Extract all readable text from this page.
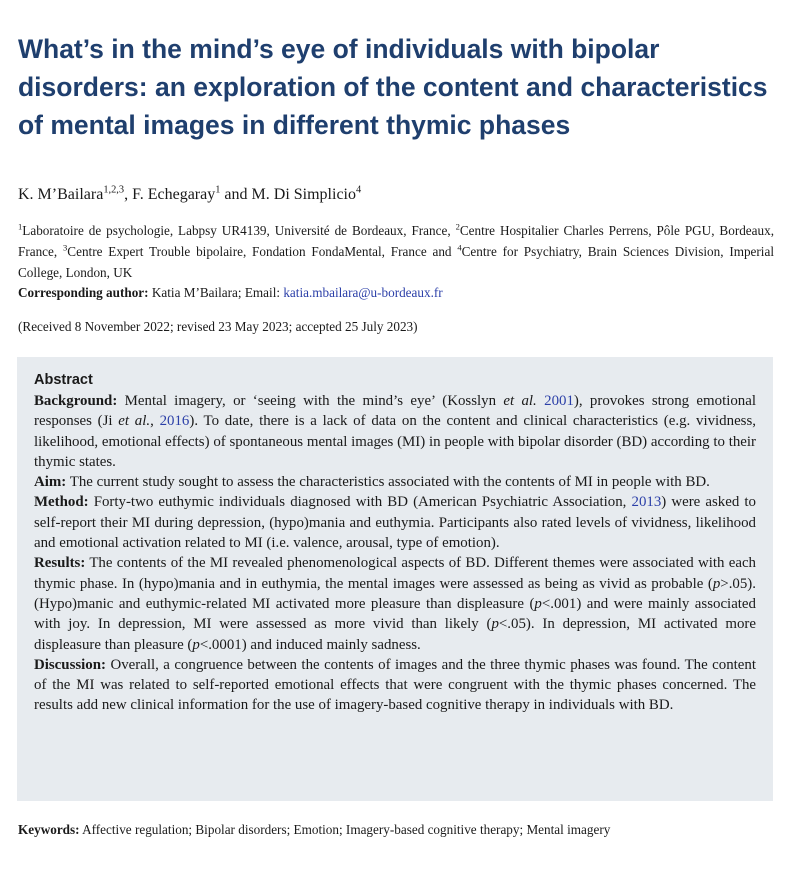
What’s in the mind’s eye of individuals with bipolar disorders: an exploration of the content and characteristics of mental images in different thymic phases
K. M’Bailara$^{1,2,3}$, F. Echegaray$^1$ and M. Di Simplicio$^4$
$^1$Laboratoire de psychologie, Labpsy UR4139, Université de Bordeaux, France, $^2$Centre Hospitalier Charles Perrens, Pôle PGU, Bordeaux, France, $^3$Centre Expert Trouble bipolaire, Fondation FondaMental, France and $^4$Centre for Psychiatry, Brain Sciences Division, Imperial College, London, UK
Corresponding author: Katia M’Bailara; Email: katia.mbailara@u-bordeaux.fr
(Received 8 November 2022; revised 23 May 2023; accepted 25 July 2023)
Abstract

Background: Mental imagery, or ‘seeing with the mind’s eye’ (Kosslyn et al. 2001), provokes strong emotional responses (Ji et al., 2016). To date, there is a lack of data on the content and clinical characteristics (e.g. vividness, likelihood, emotional effects) of spontaneous mental images (MI) in people with bipolar disorder (BD) according to their thymic states.

Aim: The current study sought to assess the characteristics associated with the contents of MI in people with BD.

Method: Forty-two euthymic individuals diagnosed with BD (American Psychiatric Association, 2013) were asked to self-report their MI during depression, (hypo)mania and euthymia. Participants also rated levels of vividness, likelihood and emotional activation related to MI (i.e. valence, arousal, type of emotion).

Results: The contents of the MI revealed phenomenological aspects of BD. Different themes were associated with each thymic phase. In (hypo)mania and in euthymia, the mental images were assessed as being as vivid as probable (p>.05). (Hypo)manic and euthymic-related MI activated more pleasure than displeasure (p<.001) and were mainly associated with joy. In depression, MI were assessed as more vivid than likely (p<.05). In depression, MI activated more displeasure than pleasure (p<.0001) and induced mainly sadness.

Discussion: Overall, a congruence between the contents of images and the three thymic phases was found. The content of the MI was related to self-reported emotional effects that were congruent with the thymic phases concerned. The results add new clinical information for the use of imagery-based cognitive therapy in individuals with BD.

Keywords: Affective regulation; Bipolar disorders; Emotion; Imagery-based cognitive therapy; Mental imagery
